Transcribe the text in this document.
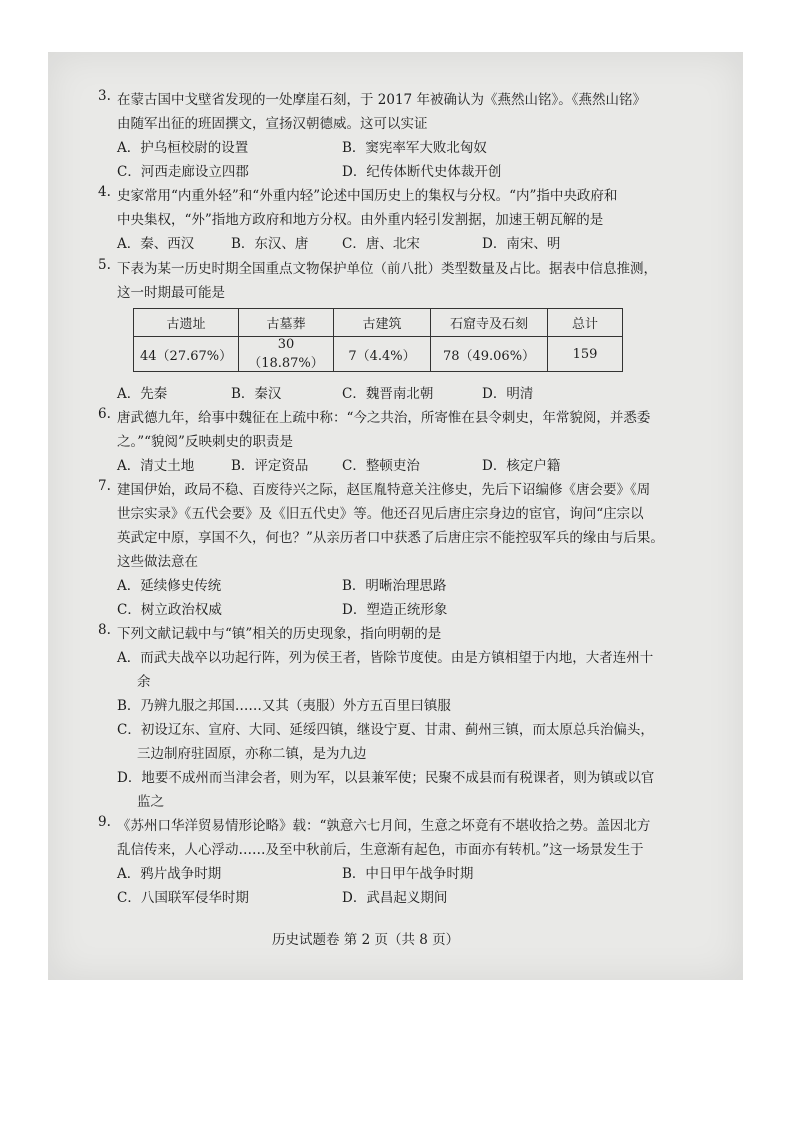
3. 在蒙古国中戈壁省发现的一处摩崖石刻，于 2017 年被确认为《燕然山铭》。《燕然山铭》
由随军出征的班固撰文，宣扬汉朝德威。这可以实证
A．护乌桓校尉的设置	B．窦宪率军大败北匈奴
C．河西走廊设立四郡	D．纪传体断代史体裁开创
4. 史家常用“内重外轻”和“外重内轻”论述中国历史上的集权与分权。“内”指中央政府和
中央集权，“外”指地方政府和地方分权。由外重内轻引发割据，加速王朝瓦解的是
A．秦、西汉	B．东汉、唐 C．唐、北宋	D．南宋、明
5. 下表为某一历史时期全国重点文物保护单位（前八批）类型数量及占比。据表中信息推测，
这一时期最可能是
古遗址	古墓葬	古建筑	石窟寺及石刻	总计
44（27.67%）	30（18.87%）	7（4.4%）	78（49.06%）	159
A．先秦	B．秦汉	C．魏晋南北朝	D．明清
6. 唐武德九年，给事中魏征在上疏中称：“今之共治，所寄惟在县令刺史，年常貌阅，并悉委
之。”“貌阅”反映刺史的职责是
A．清丈土地	B．评定资品 C．整顿吏治	D．核定户籍
7. 建国伊始，政局不稳、百废待兴之际，赵匡胤特意关注修史，先后下诏编修《唐会要》《周
世宗实录》《五代会要》及《旧五代史》等。他还召见后唐庄宗身边的宦官，询问“庄宗以
英武定中原，享国不久，何也？”从亲历者口中获悉了后唐庄宗不能控驭军兵的缘由与后果。
这些做法意在
A．延续修史传统	B．明晰治理思路
C．树立政治权威	D．塑造正统形象
8. 下列文献记载中与“镇”相关的历史现象，指向明朝的是
A．而武夫战卒以功起行阵，列为侯王者，皆除节度使。由是方镇相望于内地，大者连州十
余
B．乃辨九服之邦国……又其（夷服）外方五百里曰镇服
C．初设辽东、宣府、大同、延绥四镇，继设宁夏、甘肃、蓟州三镇，而太原总兵治偏头，
三边制府驻固原，亦称二镇，是为九边
D．地要不成州而当津会者，则为军，以县兼军使；民聚不成县而有税课者，则为镇或以官
监之
9. 《苏州口华洋贸易情形论略》载：“孰意六七月间，生意之坏竟有不堪收拾之势。盖因北方
乱信传来，人心浮动……及至中秋前后，生意渐有起色，市面亦有转机。”这一场景发生于
A．鸦片战争时期	B．中日甲午战争时期
C．八国联军侵华时期	D．武昌起义期间
历史试题卷 第 2 页（共 8 页）
